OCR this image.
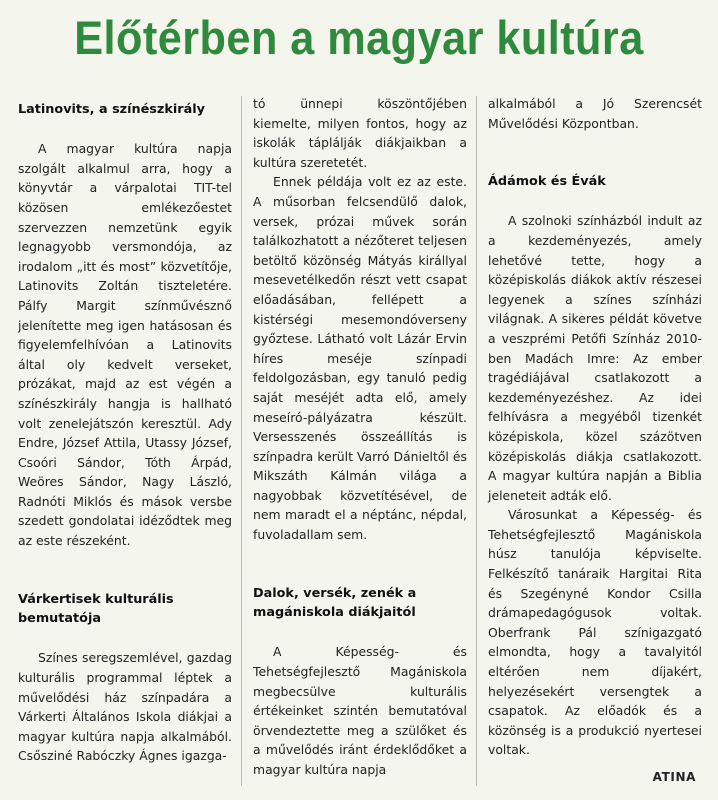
Előtérben a magyar kultúra
Latinovits, a színészkirály

A magyar kultúra napja szolgált alkalmul arra, hogy a könyvtár a várpalotai TIT-tel közösen emlékezőestet szervezzen nemzetünk egyik legnagyobb versmondója, az irodalom „itt és most” közvetítője, Latinovits Zoltán tiszteletére. Pálfy Margit színművésznő jelenítette meg igen hatásosan és figyelemfelhívóan a Latinovits által oly kedvelt verseket, prózákat, majd az est végén a színészkirály hangja is hallható volt zenelejátszón keresztül. Ady Endre, József Attila, Utassy József, Csoóri Sándor, Tóth Árpád, Weöres Sándor, Nagy László, Radnóti Miklós és mások versbe szedett gondolatai idéződtek meg az este részeként.

Várkertisek kulturális bemutatója

Színes seregszemlével, gazdag kulturális programmal léptek a művelődési ház színpadára a Várkerti Általános Iskola diákjai a magyar kultúra napja alkalmából. Csősziné Rabóczky Ágnes igazga-

tó ünnepi köszöntőjében kiemelte, milyen fontos, hogy az iskolák táplálják diákjaikban a kultúra szeretetét.

Ennek példája volt ez az este. A műsorban felcsendülő dalok, versek, prózai művek során találkozhatott a nézőteret teljesen betöltő közönség Mátyás királlyal mesevetélkedőn részt vett csapat előadásában, fellépett a kistérségi mesemondóverseny győztese. Látható volt Lázár Ervin híres meséje színpadi feldolgozásban, egy tanuló pedig saját meséjét adta elő, amely meseíró-pályázatra készült. Versesszenés összeállítás is színpadra került Varró Dánieltől és Mikszáth Kálmán világa a nagyobbak közvetítésével, de nem maradt el a néptánc, népdal, fuvoladallam sem.

Dalok, versék, zenék a magániskola diákjaitól

A Képesség- és Tehetségfejlesztő Magániskola megbecsülve kulturális értékeinket szintén bemutatóval örvendeztette meg a szülőket és a művelődés iránt érdeklődőket a magyar kultúra napja

alkalmából a Jó Szerencsét Művelődési Központban.

Ádámok és Évák

A szolnoki színházból indult az a kezdeményezés, amely lehetővé tette, hogy a középiskolás diákok aktív részesei legyenek a színes színházi világnak. A sikeres példát követve a veszprémi Petőfi Színház 2010-ben Madách Imre: Az ember tragédiájával csatlakozott a kezdeményezéshez. Az idei felhívásra a megyéből tizenkét középiskola, közel százötven középiskolás diákja csatlakozott. A magyar kultúra napján a Biblia jeleneteit adták elő.

Városunkat a Képesség- és Tehetségfejlesztő Magániskola húsz tanulója képviselte. Felkészítő tanáraik Hargitai Rita és Szegényné Kondor Csilla drámapedagógusok voltak. Oberfrank Pál színigazgató elmondta, hogy a tavalyitól eltérően nem díjakért, helyezésekért versengtek a csapatok. Az előadók és a közönség is a produkció nyertesei voltak.

ATINA
